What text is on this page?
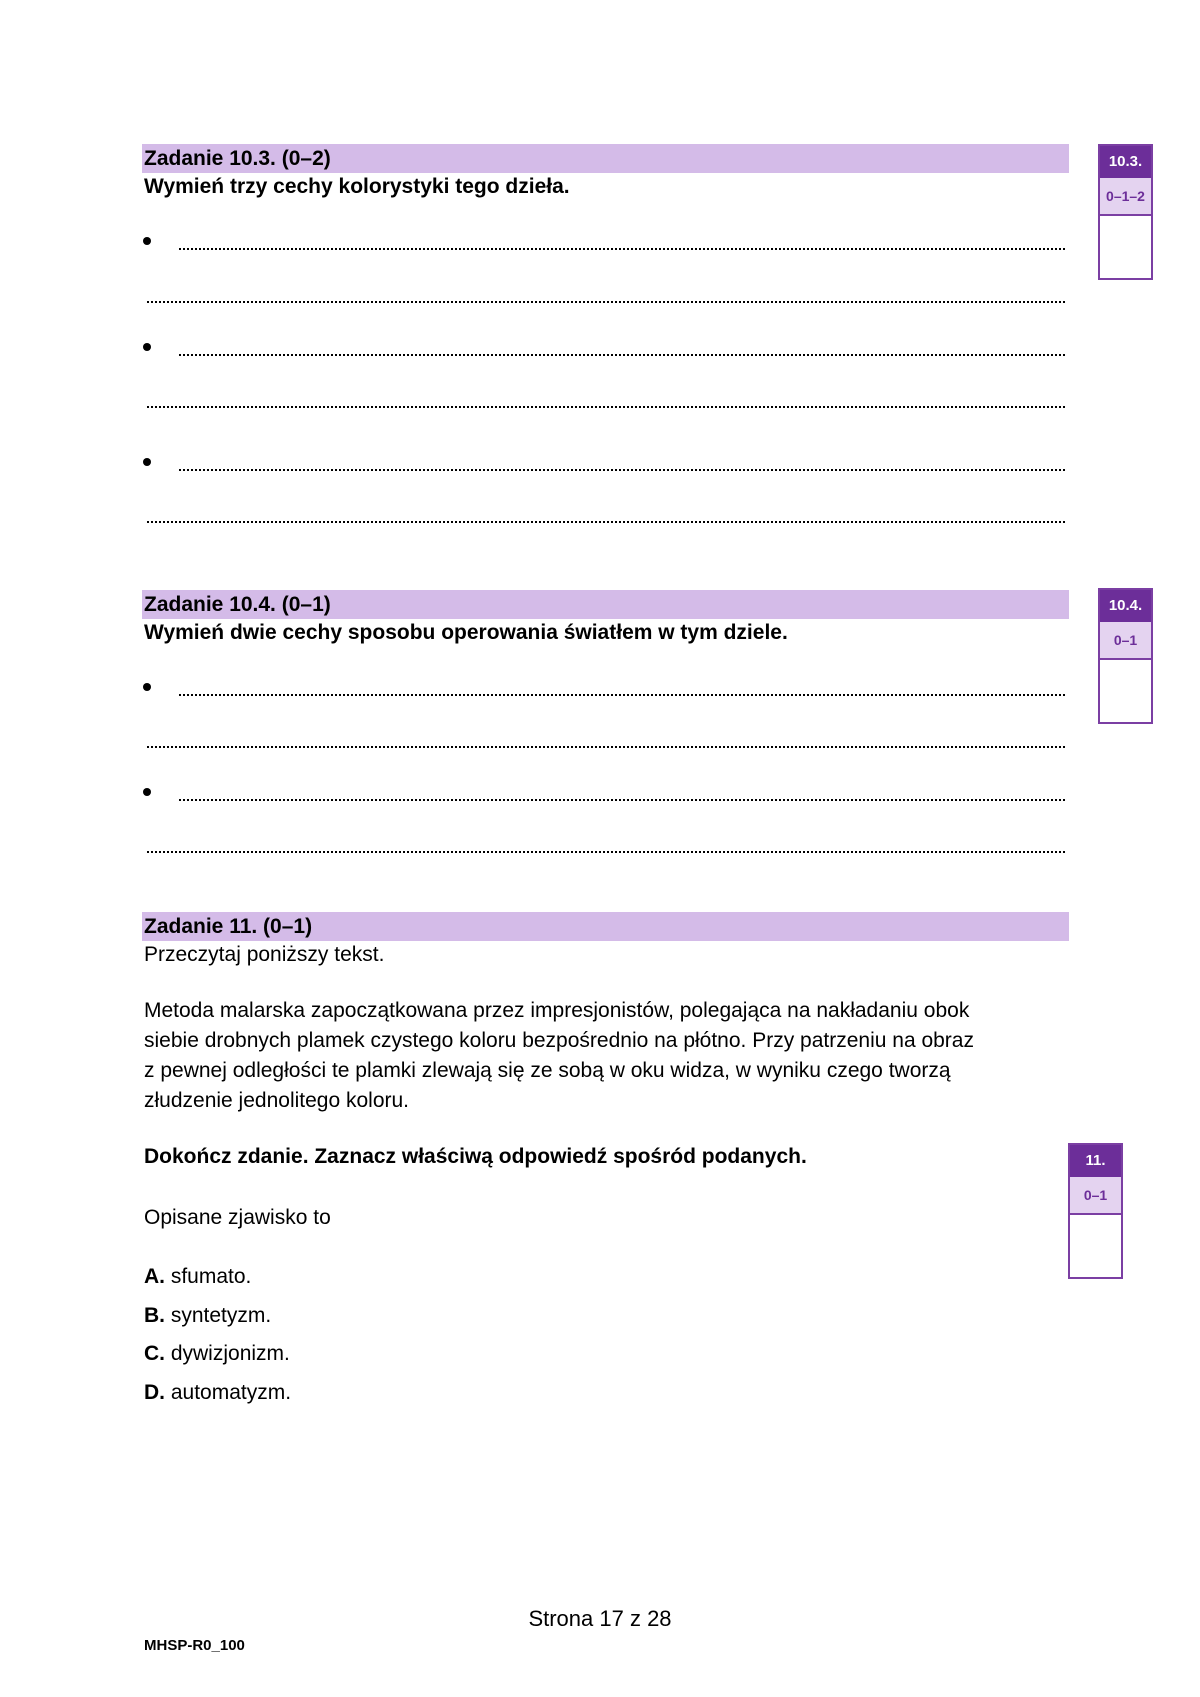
Zadanie 10.3. (0–2)
Wymień trzy cechy kolorystyki tego dzieła.
10.3.
0–1–2
Zadanie 10.4. (0–1)
Wymień dwie cechy sposobu operowania światłem w tym dziele.
10.4.
0–1
Zadanie 11. (0–1)
Przeczytaj poniższy tekst.
Metoda malarska zapoczątkowana przez impresjonistów, polegająca na nakładaniu obok
siebie drobnych plamek czystego koloru bezpośrednio na płótno. Przy patrzeniu na obraz
z pewnej odległości te plamki zlewają się ze sobą w oku widza, w wyniku czego tworzą
złudzenie jednolitego koloru.
Dokończ zdanie. Zaznacz właściwą odpowiedź spośród podanych.
Opisane zjawisko to
A. sfumato.
B. syntetyzm.
C. dywizjonizm.
D. automatyzm.
11.
0–1
Strona 17 z 28
MHSP-R0_100
